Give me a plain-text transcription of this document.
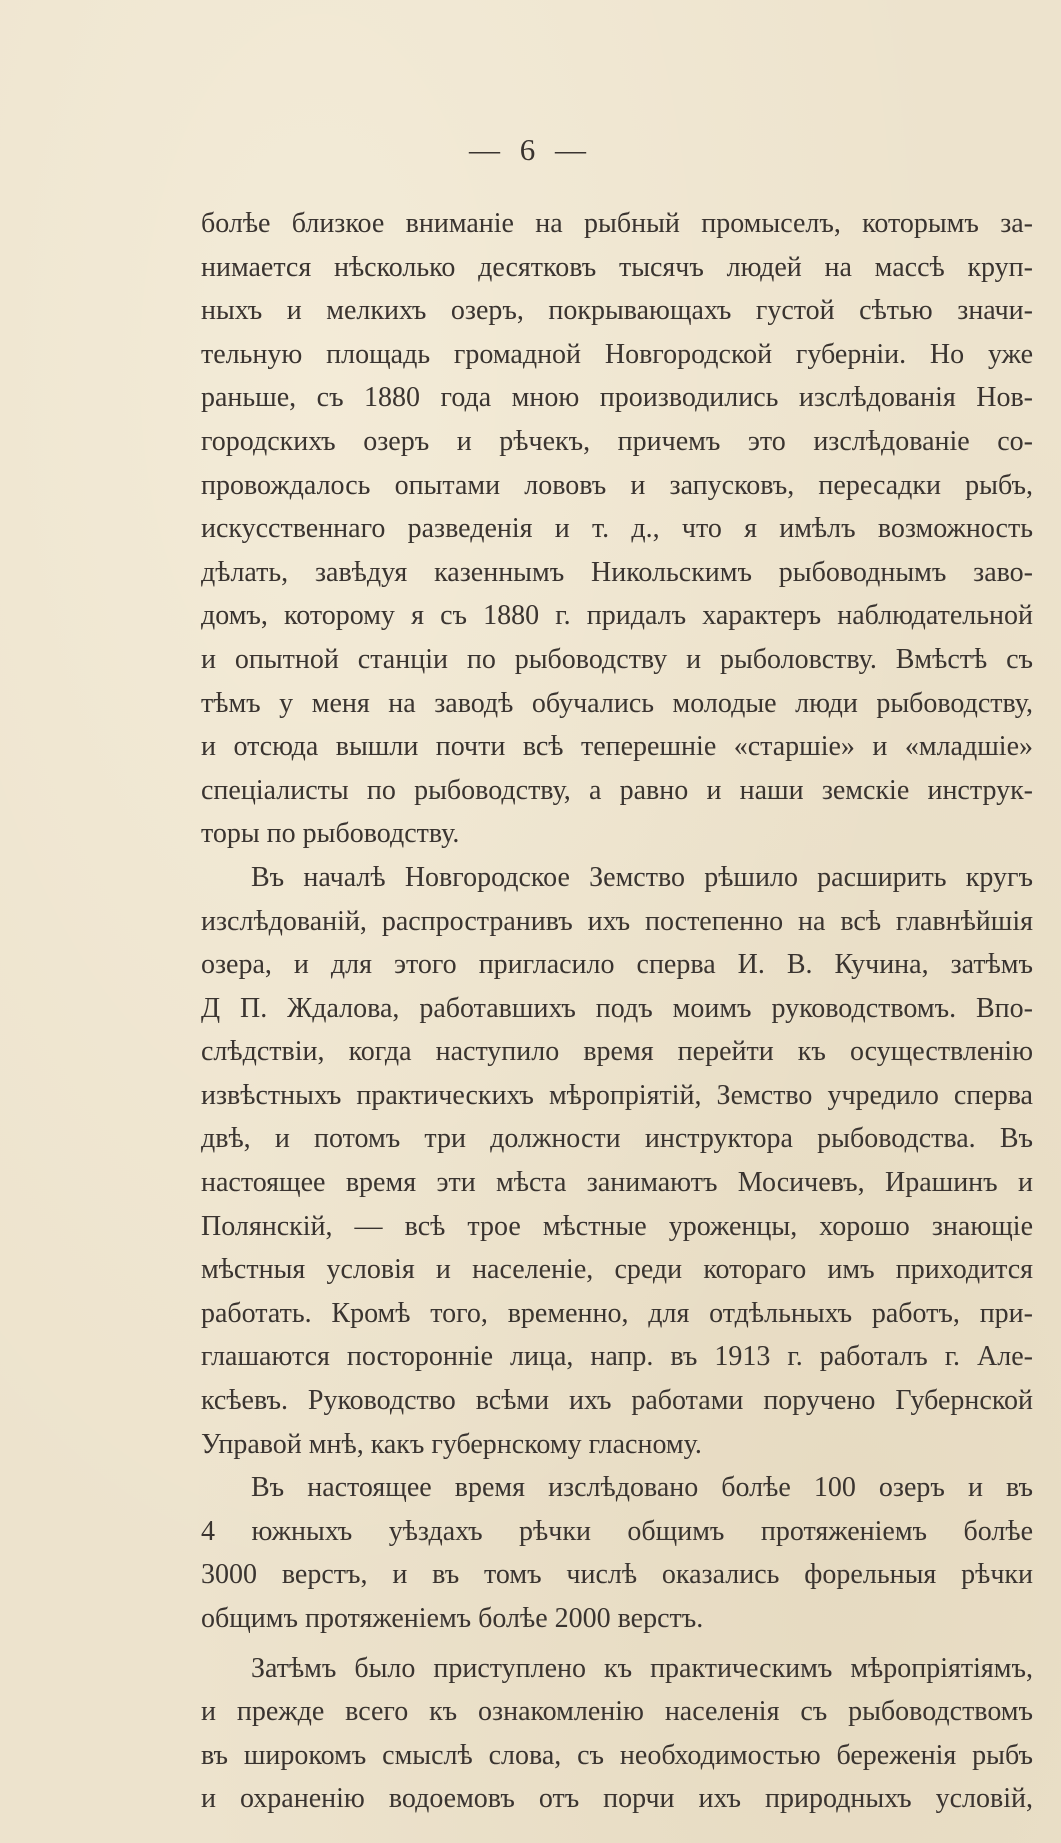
— 6 —
болѣе близкое вниманіе на рыбный промыселъ, которымъ за-
нимается нѣсколько десятковъ тысячъ людей на массѣ круп-
ныхъ и мелкихъ озеръ, покрывающахъ густой сѣтью значи-
тельную площадь громадной Новгородской губерніи. Но уже
раньше, съ 1880 года мною производились изслѣдованія Нов-
городскихъ озеръ и рѣчекъ, причемъ это изслѣдованіе со-
провождалось опытами лововъ и запусковъ, пересадки рыбъ,
искусственнаго разведенія и т. д., что я имѣлъ возможность
дѣлать, завѣдуя казеннымъ Никольскимъ рыбоводнымъ заво-
домъ, которому я съ 1880 г. придалъ характеръ наблюдательной
и опытной станціи по рыбоводству и рыболовству. Вмѣстѣ съ
тѣмъ у меня на заводѣ обучались молодые люди рыбоводству,
и отсюда вышли почти всѣ теперешніе «старшіе» и «младшіе»
спеціалисты по рыбоводству, а равно и наши земскіе инструк-
торы по рыбоводству.
Въ началѣ Новгородское Земство рѣшило расширить кругъ
изслѣдованій, распространивъ ихъ постепенно на всѣ главнѣйшія
озера, и для этого пригласило сперва И. В. Кучина, затѣмъ
Д П. Ждалова, работавшихъ подъ моимъ руководствомъ. Впо-
слѣдствіи, когда наступило время перейти къ осуществленію
извѣстныхъ практическихъ мѣропріятій, Земство учредило сперва
двѣ, и потомъ три должности инструктора рыбоводства. Въ
настоящее время эти мѣста занимаютъ Мосичевъ, Ирашинъ и
Полянскій, — всѣ трое мѣстные уроженцы, хорошо знающіе
мѣстныя условія и населеніе, среди котораго имъ приходится
работать. Кромѣ того, временно, для отдѣльныхъ работъ, при-
глашаются посторонніе лица, напр. въ 1913 г. работалъ г. Але-
ксѣевъ. Руководство всѣми ихъ работами поручено Губернской
Управой мнѣ, какъ губернскому гласному.
Въ настоящее время изслѣдовано болѣе 100 озеръ и въ
4 южныхъ уѣздахъ рѣчки общимъ протяженіемъ болѣе
3000 верстъ, и въ томъ числѣ оказались форельныя рѣчки
общимъ протяженіемъ болѣе 2000 верстъ.
Затѣмъ было приступлено къ практическимъ мѣропріятіямъ,
и прежде всего къ ознакомленію населенія съ рыбоводствомъ
въ широкомъ смыслѣ слова, съ необходимостью береженія рыбъ
и охраненію водоемовъ отъ порчи ихъ природныхъ условій,
